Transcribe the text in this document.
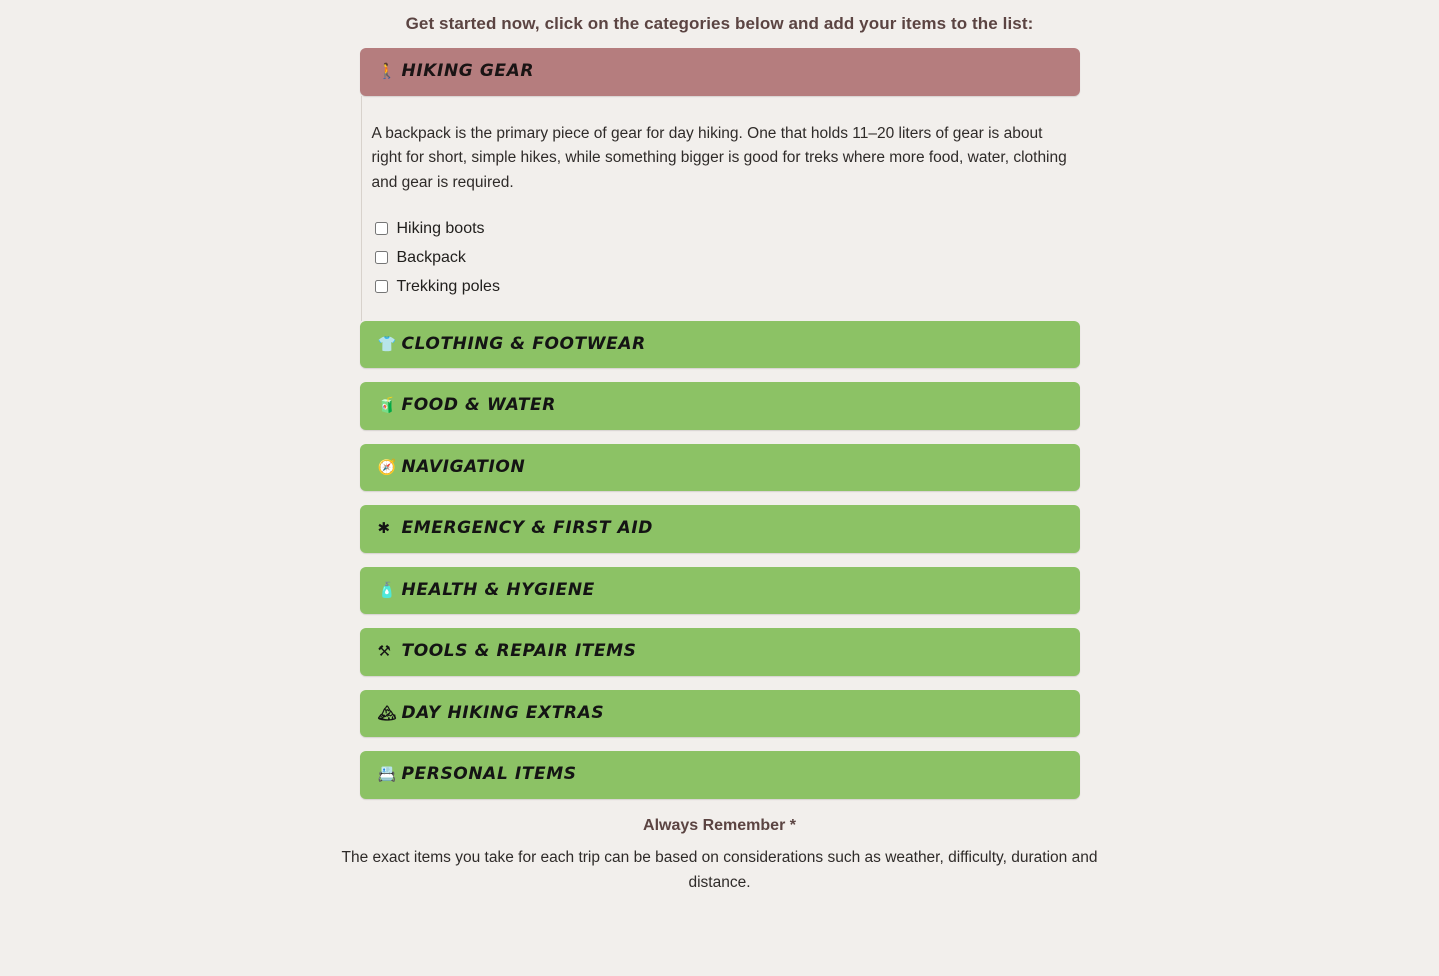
Get started now, click on the categories below and add your items to the list:
🚶 HIKING GEAR

A backpack is the primary piece of gear for day hiking. One that holds 11–20 liters of gear is about right for short, simple hikes, while something bigger is good for treks where more food, water, clothing and gear is required.

Hiking boots
Backpack
Trekking poles
👕 CLOTHING & FOOTWEAR
🧃 FOOD & WATER
🧭 NAVIGATION
✱ EMERGENCY & FIRST AID
🧴 HEALTH & HYGIENE
⚒ TOOLS & REPAIR ITEMS
🏔 DAY HIKING EXTRAS
📇 PERSONAL ITEMS
Always Remember *
The exact items you take for each trip can be based on considerations such as weather, difficulty, duration and distance.
